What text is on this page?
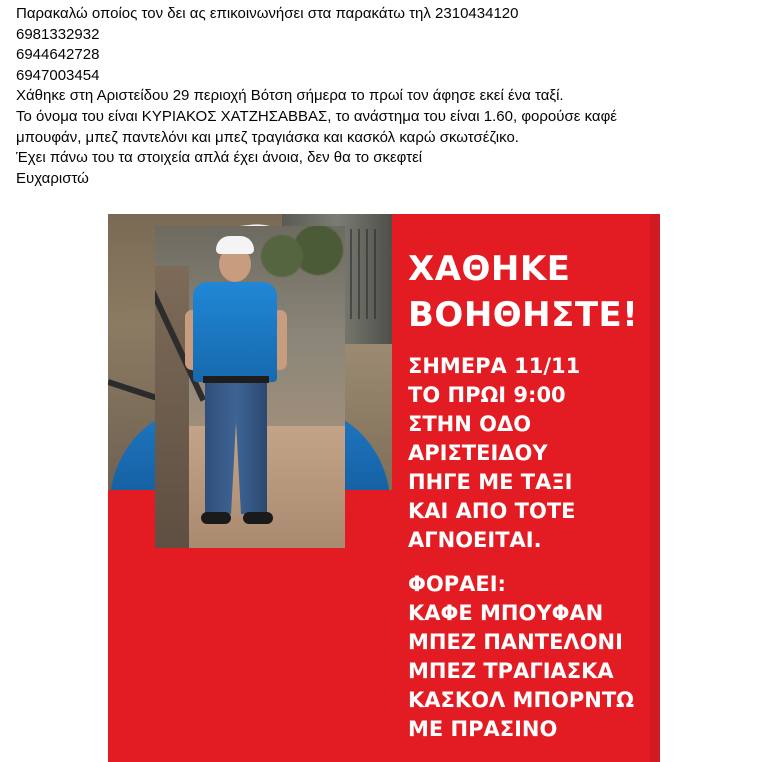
Παρακαλώ οποίος τον δει ας επικοινωνήσει στα παρακάτω τηλ 2310434120
6981332932
6944642728
6947003454
Χάθηκε στη Αριστείδου 29 περιοχή Βότση σήμερα το πρωί τον άφησε εκεί ένα ταξί.
Το όνομα του είναι ΚΥΡΙΑΚΟΣ ΧΑΤΖΗΣΑΒΒΑΣ, το ανάστημα του είναι 1.60, φορούσε καφέ
μπουφάν, μπεζ παντελόνι και μπεζ τραγιάσκα και κασκόλ καρώ σκωτσέζικο.
Έχει πάνω του τα στοιχεία απλά έχει άνοια, δεν θα το σκεφτεί
Ευχαριστώ
ΧΑΘΗΚΕ
ΒΟΗΘΗΣΤΕ!
ΣΗΜΕΡΑ 11/11
ΤΟ ΠΡΩΙ 9:00
ΣΤΗΝ ΟΔΟ
ΑΡΙΣΤΕΙΔΟΥ
ΠΗΓΕ ΜΕ ΤΑΞΙ
ΚΑΙ ΑΠΟ ΤΟΤΕ
ΑΓΝΟΕΙΤΑΙ.
ΦΟΡΑΕΙ:
ΚΑΦΕ ΜΠΟΥΦΑΝ
ΜΠΕΖ ΠΑΝΤΕΛΟΝΙ
ΜΠΕΖ ΤΡΑΓΙΑΣΚΑ
ΚΑΣΚΟΛ ΜΠΟΡΝΤΩ
ΜΕ ΠΡΑΣΙΝΟ
